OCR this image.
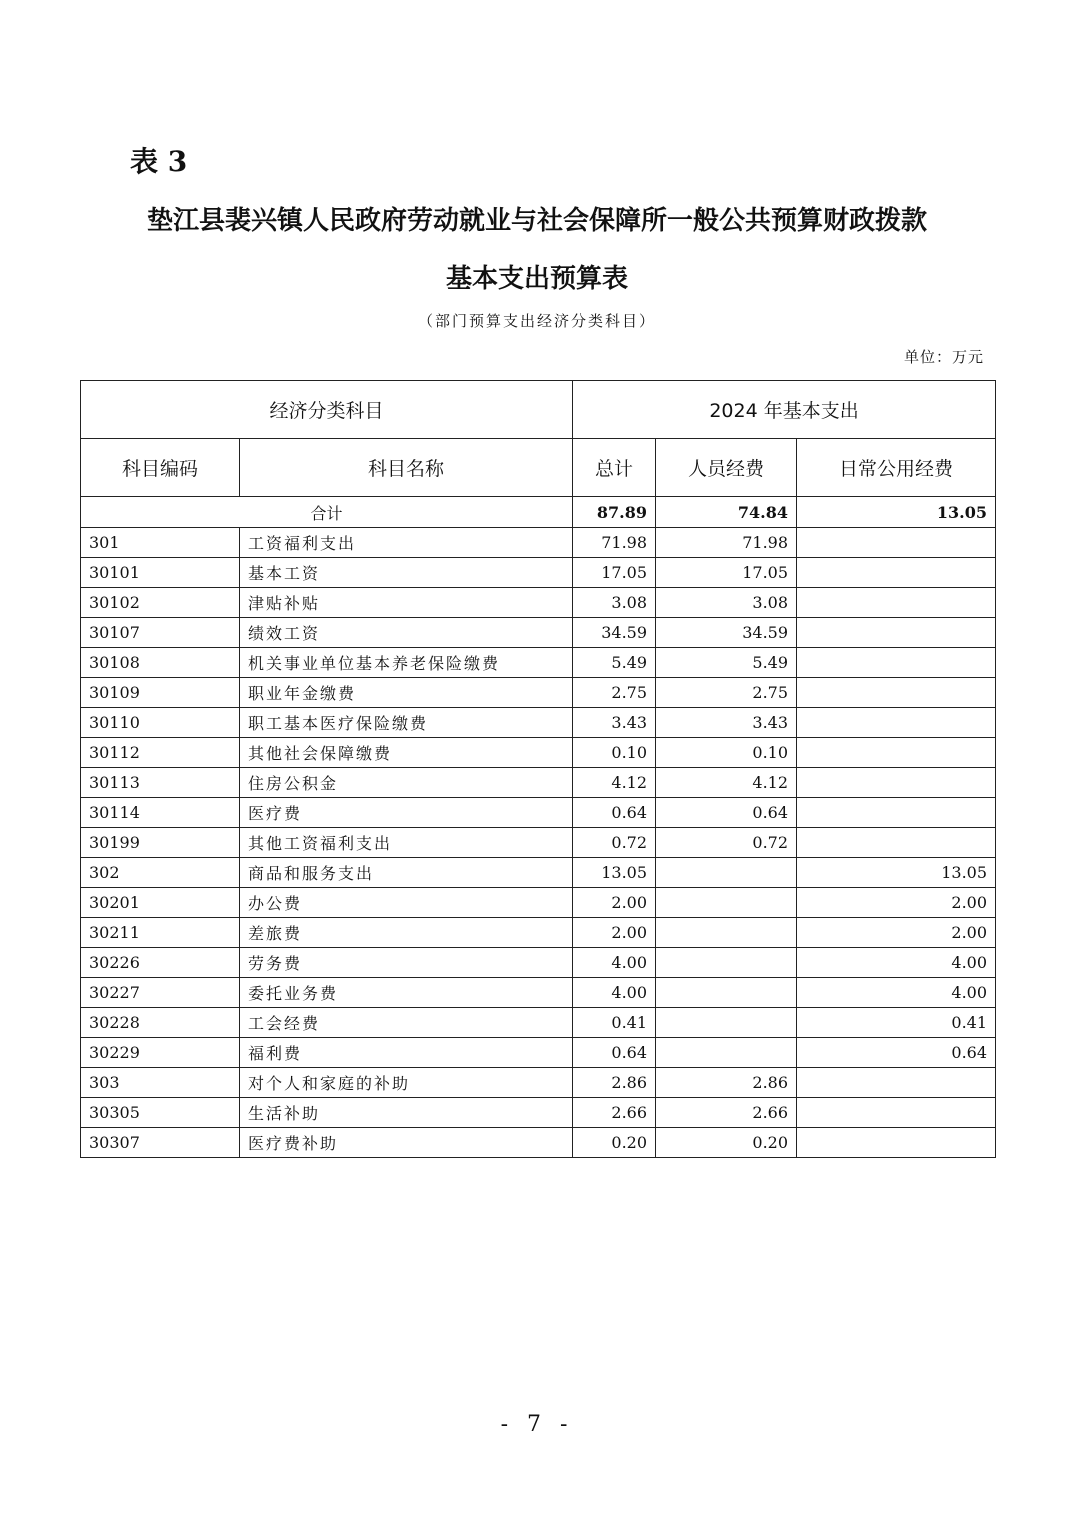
表 3
垫江县裴兴镇人民政府劳动就业与社会保障所一般公共预算财政拨款
基本支出预算表
（部门预算支出经济分类科目）
单位：万元
经济分类科目		2024 年基本支出		
科目编码	科目名称	总计	人员经费	日常公用经费
合计		87.89	74.84	13.05
301	工资福利支出	71.98	71.98	
30101	基本工资	17.05	17.05	
30102	津贴补贴	3.08	3.08	
30107	绩效工资	34.59	34.59	
30108	机关事业单位基本养老保险缴费	5.49	5.49	
30109	职业年金缴费	2.75	2.75	
30110	职工基本医疗保险缴费	3.43	3.43	
30112	其他社会保障缴费	0.10	0.10	
30113	住房公积金	4.12	4.12	
30114	医疗费	0.64	0.64	
30199	其他工资福利支出	0.72	0.72	
302	商品和服务支出	13.05		13.05
30201	办公费	2.00		2.00
30211	差旅费	2.00		2.00
30226	劳务费	4.00		4.00
30227	委托业务费	4.00		4.00
30228	工会经费	0.41		0.41
30229	福利费	0.64		0.64
303	对个人和家庭的补助	2.86	2.86	
30305	生活补助	2.66	2.66	
30307	医疗费补助	0.20	0.20	
- 7 -
